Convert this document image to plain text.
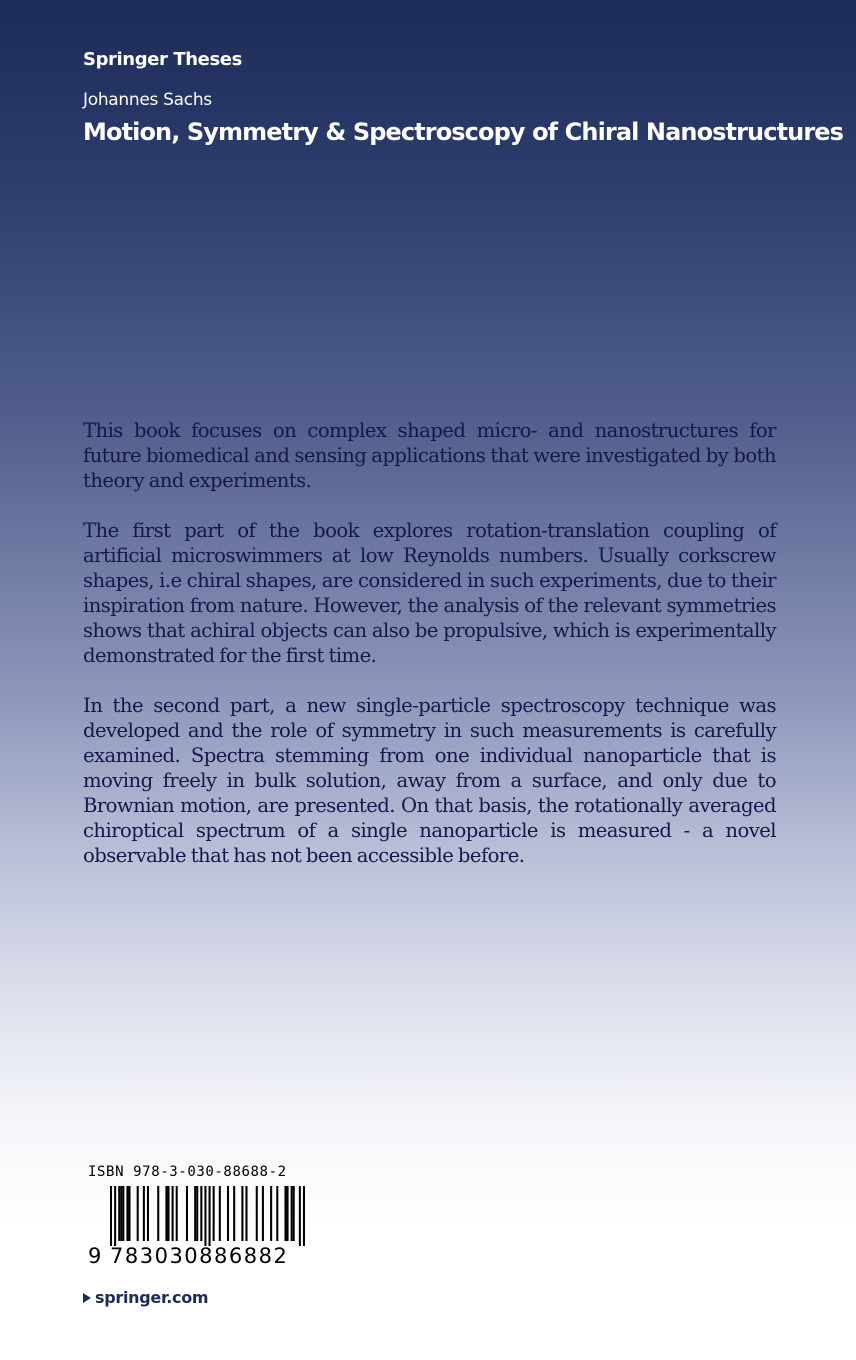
Springer Theses
Johannes Sachs
Motion, Symmetry & Spectroscopy of Chiral Nanostructures

This book focuses on complex shaped micro- and nanostructures for future biomedical and sensing applications that were investigated by both theory and experiments.

The first part of the book explores rotation-translation coupling of artificial microswimmers at low Reynolds numbers. Usually corkscrew shapes, i.e chiral shapes, are considered in such experiments, due to their inspiration from nature. However, the analysis of the relevant symmetries shows that achiral objects can also be propulsive, which is experimentally demonstrated for the first time.

In the second part, a new single-particle spectroscopy technique was developed and the role of symmetry in such measurements is carefully examined. Spectra stemming from one individual nanoparticle that is moving freely in bulk solution, away from a surface, and only due to Brownian motion, are presented. On that basis, the rotationally averaged chiroptical spectrum of a single nanoparticle is measured - a novel observable that has not been accessible before.

ISBN 978-3-030-88688-2
9 783030886882
springer.com
